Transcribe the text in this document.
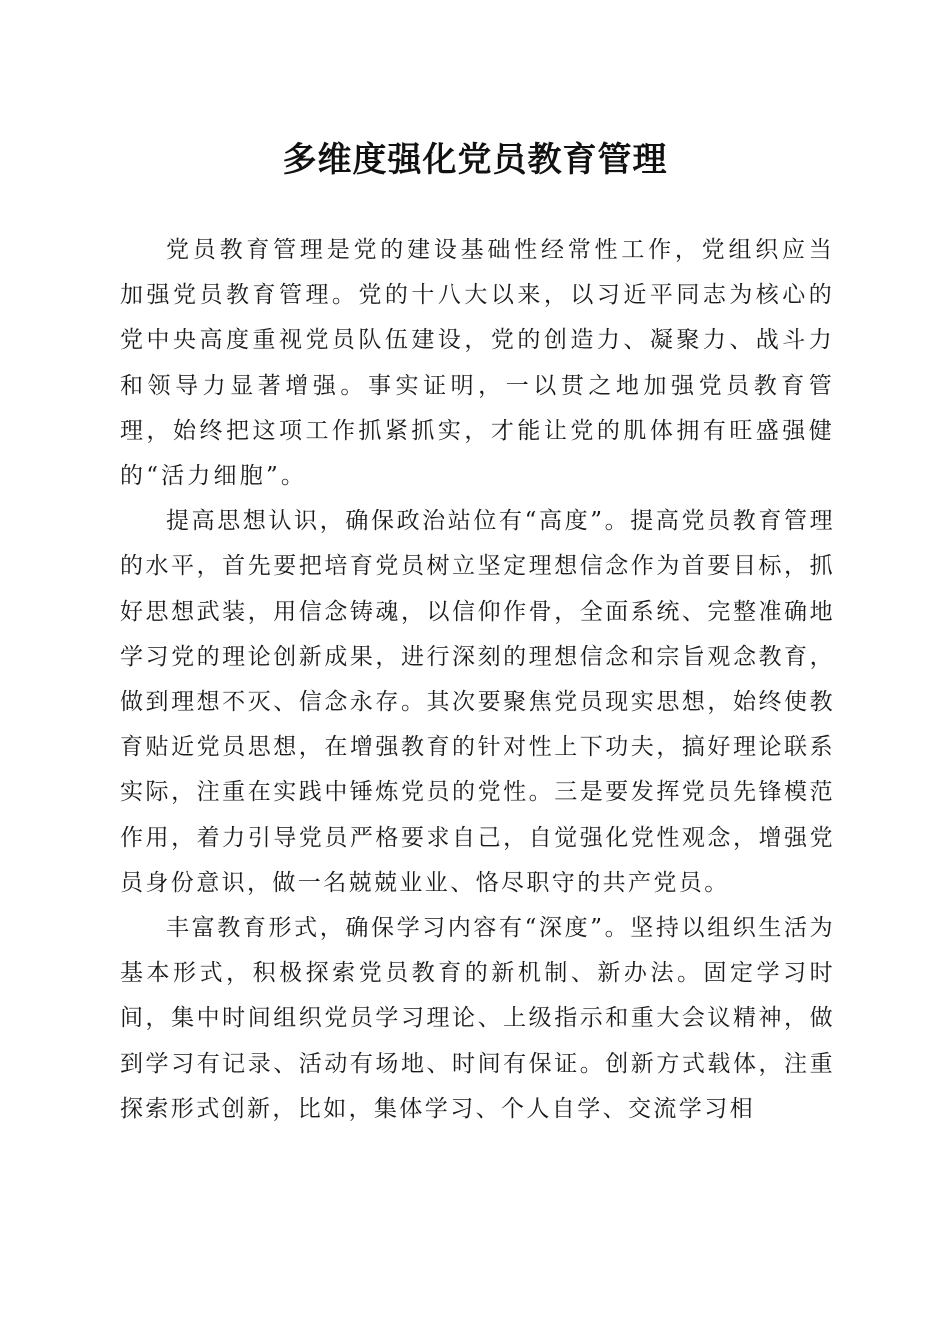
多维度强化党员教育管理

党员教育管理是党的建设基础性经常性工作，党组织应当加强党员教育管理。党的十八大以来，以习近平同志为核心的党中央高度重视党员队伍建设，党的创造力、凝聚力、战斗力和领导力显著增强。事实证明，一以贯之地加强党员教育管理，始终把这项工作抓紧抓实，才能让党的肌体拥有旺盛强健的“活力细胞”。

提高思想认识，确保政治站位有“高度”。提高党员教育管理的水平，首先要把培育党员树立坚定理想信念作为首要目标，抓好思想武装，用信念铸魂，以信仰作骨，全面系统、完整准确地学习党的理论创新成果，进行深刻的理想信念和宗旨观念教育，做到理想不灭、信念永存。其次要聚焦党员现实思想，始终使教育贴近党员思想，在增强教育的针对性上下功夫，搞好理论联系实际，注重在实践中锤炼党员的党性。三是要发挥党员先锋模范作用，着力引导党员严格要求自己，自觉强化党性观念，增强党员身份意识，做一名兢兢业业、恪尽职守的共产党员。

丰富教育形式，确保学习内容有“深度”。坚持以组织生活为基本形式，积极探索党员教育的新机制、新办法。固定学习时间，集中时间组织党员学习理论、上级指示和重大会议精神，做到学习有记录、活动有场地、时间有保证。创新方式载体，注重探索形式创新，比如，集体学习、个人自学、交流学习相
